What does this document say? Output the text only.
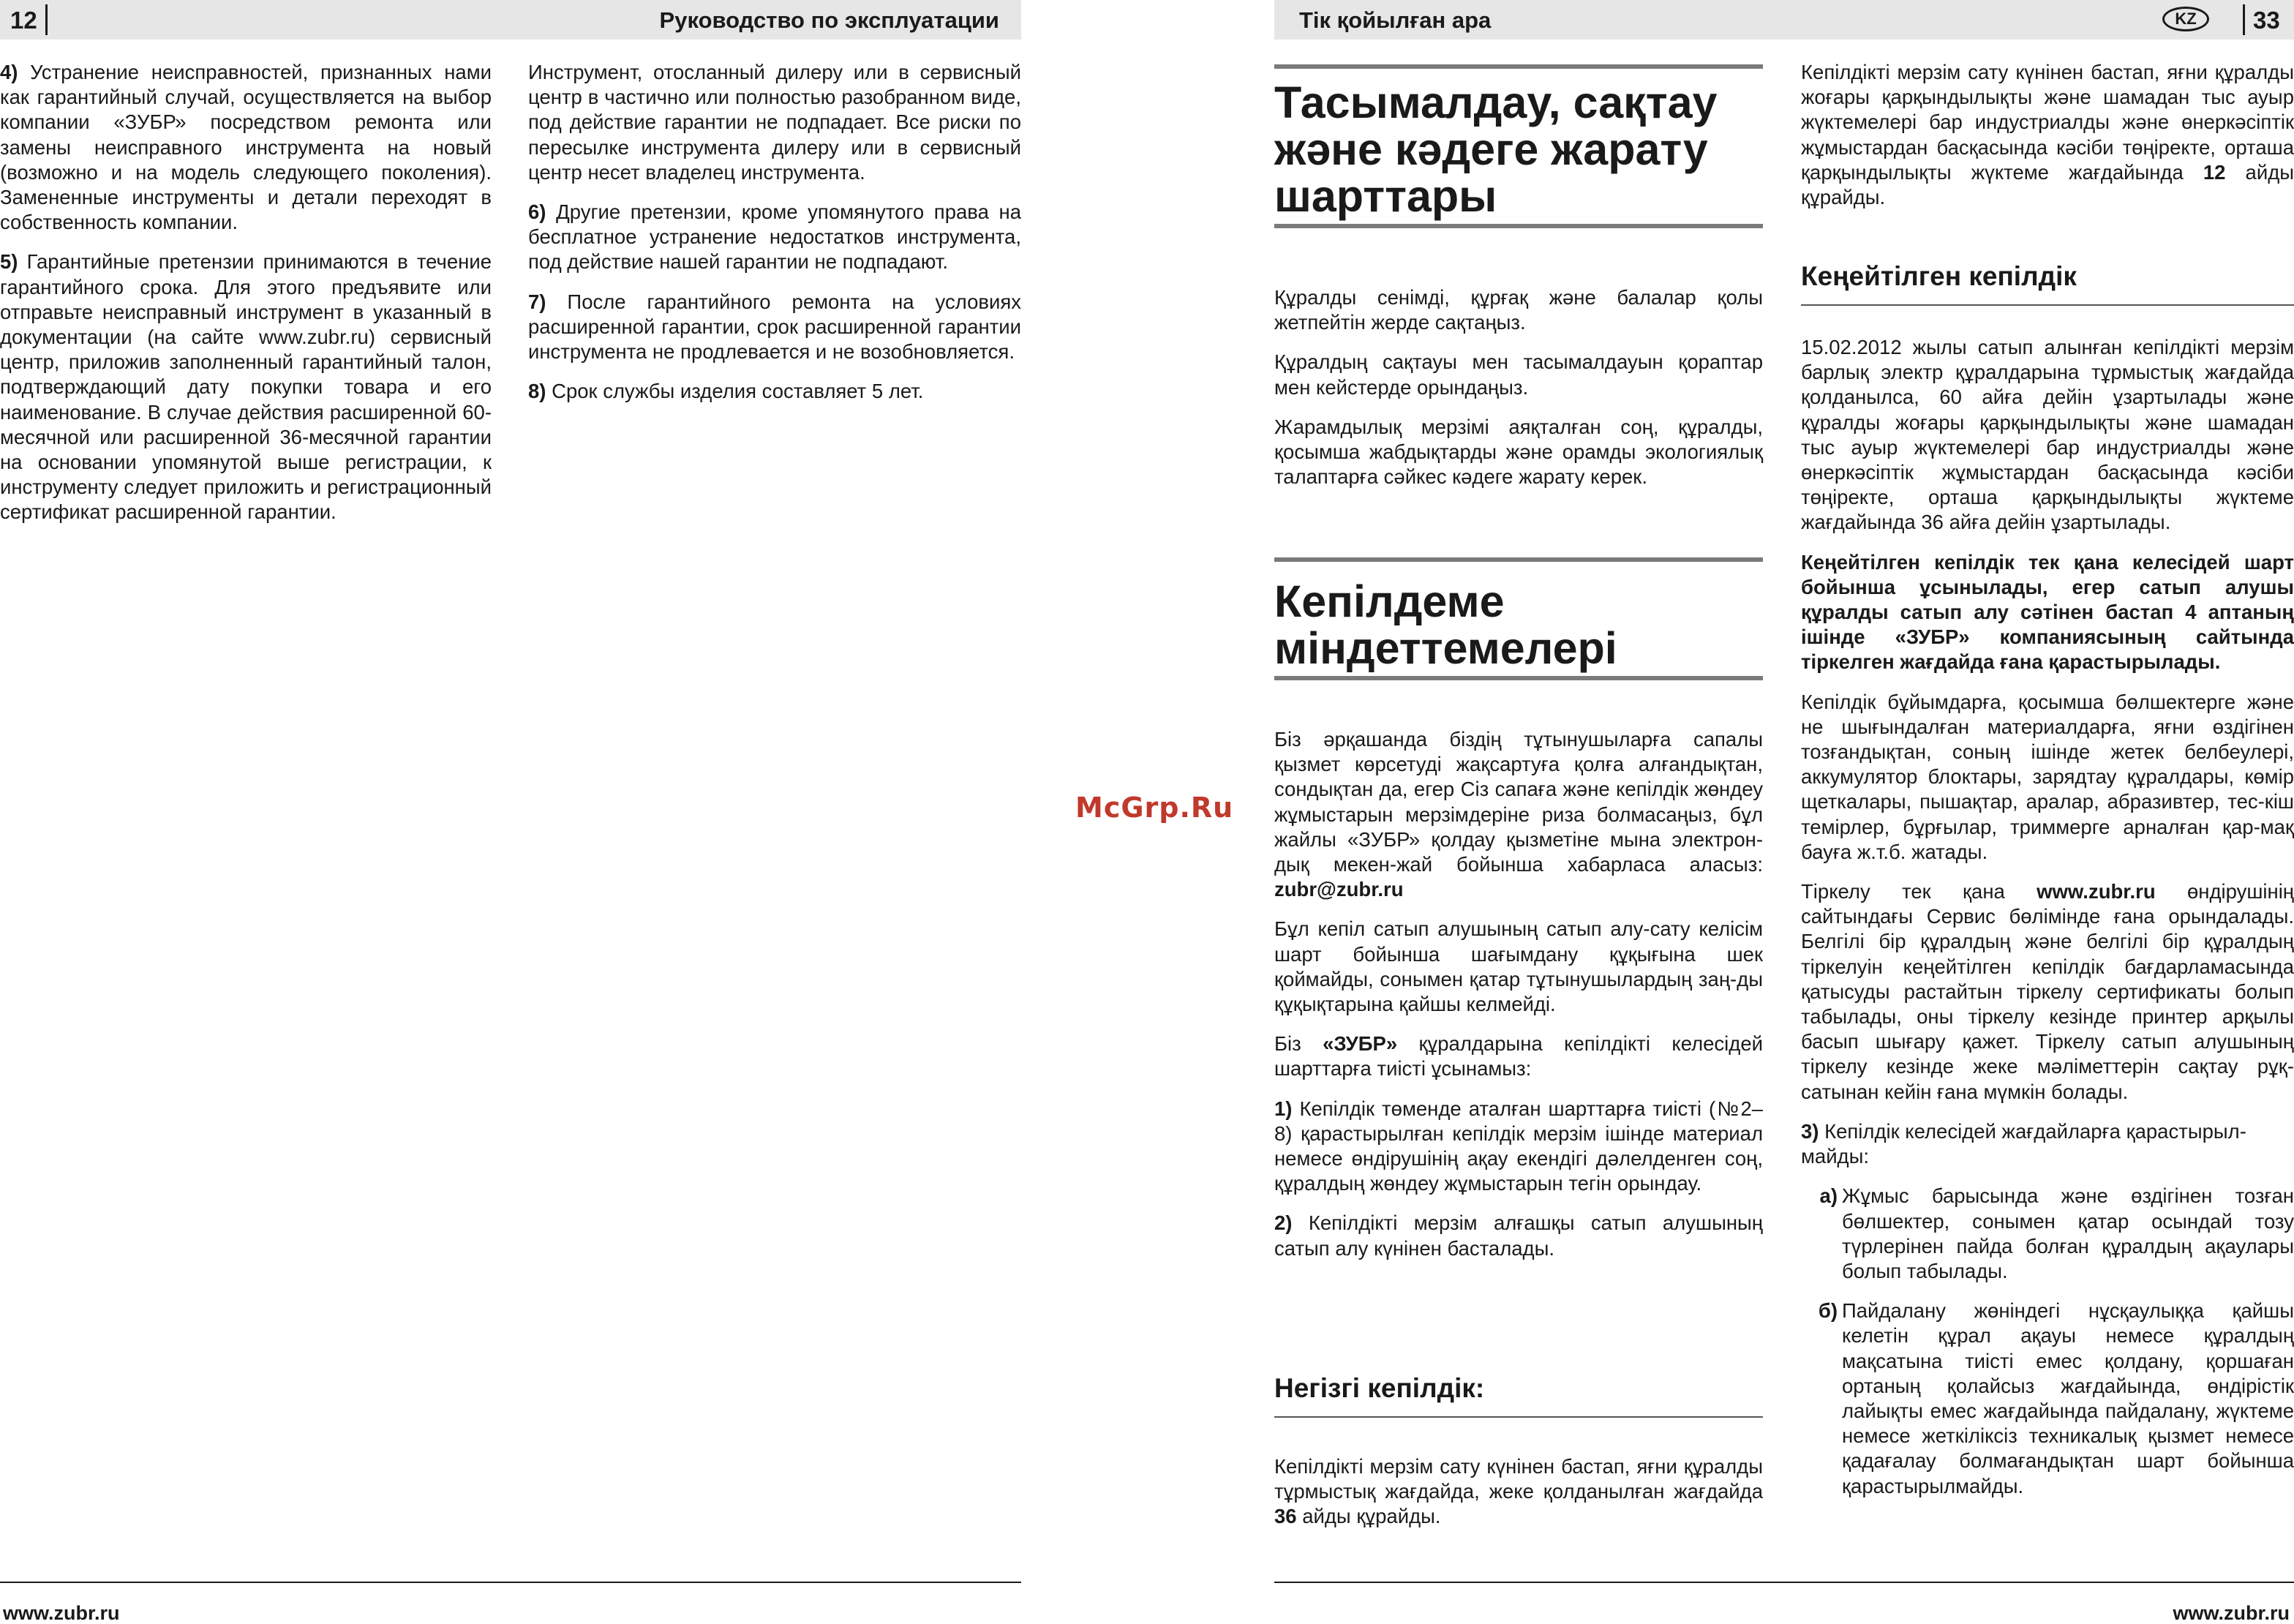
12	Руководство по эксплуатации

4) Устранение неисправностей, признанных нами как гарантийный случай, осуществляется на выбор компании «ЗУБР» посредством ремонта или замены неисправного инструмента на новый (возможно и на модель следующего поколения). Замененные инструменты и детали переходят в собственность компании.

5) Гарантийные претензии принимаются в течение гарантийного срока. Для этого предъявите или отправьте неисправный инструмент в указанный в документации (на сайте www.zubr.ru) сервисный центр, приложив заполненный гарантийный талон, подтверждающий дату покупки товара и его наименование. В случае действия расширенной 60-месячной или расширенной 36-месячной гарантии на основании упомянутой выше регистрации, к инструменту следует приложить и регистрационный сертификат расширенной гарантии.

Инструмент, отосланный дилеру или в сервисный центр в частично или полностью разобранном виде, под действие гарантии не подпадает. Все риски по пересылке инструмента дилеру или в сервисный центр несет владелец инструмента.

6) Другие претензии, кроме упомянутого права на бесплатное устранение недостатков инструмента, под действие нашей гарантии не подпадают.

7) После гарантийного ремонта на условиях расширенной гарантии, срок расширенной гарантии инструмента не продлевается и не возобновляется.

8) Срок службы изделия составляет 5 лет.

www.zubr.ru
McGrp.Ru
Тік қойылған ара	KZ	33
Тасымалдау, сақтау
және кәдеге жарату
шарттары

Құралды сенімді, құрғақ және балалар қолы жетпейтін жерде сақтаңыз.

Құралдың сақтауы мен тасымалдауын қораптар мен кейстерде орындаңыз.

Жарамдылық мерзімі аяқталған соң, құралды, қосымша жабдықтарды және орамды экологиялық талаптарға сәйкес кәдеге жарату керек.

Кепілдеме
міндеттемелері

Біз әрқашанда біздің тұтынушыларға сапалы қызмет көрсетуді жақсартуға қолға алғандықтан, сондықтан да, егер Сіз сапаға және кепілдік жөндеу жұмыстарын мерзімдеріне риза болмасаңыз, бұл жайлы «ЗУБР» қолдау қызметіне мына электрон-дық мекен-жай бойынша хабарласа аласыз: zubr@zubr.ru

Бұл кепіл сатып алушының сатып алу-сату келісім шарт бойынша шағымдану құқығына шек қоймайды, сонымен қатар тұтынушылардың заң-ды құқықтарына қайшы келмейді.

Біз «ЗУБР» құралдарына кепілдікті келесідей шарттарға тиісті ұсынамыз:

1) Кепілдік төменде аталған шарттарға тиісті (№2–8) қарастырылған кепілдік мерзім ішінде материал немесе өндірушінің ақау екендігі дәлелденген соң, құралдың жөндеу жұмыстарын тегін орындау.

2) Кепілдікті мерзім алғашқы сатып алушының сатып алу күнінен басталады.

Негізгі кепілдік:

Кепілдікті мерзім сату күнінен бастап, яғни құралды тұрмыстық жағдайда, жеке қолданылған жағдайда 36 айды құрайды.

Кепілдікті мерзім сату күнінен бастап, яғни құралды жоғары қарқындылықты және шамадан тыс ауыр жүктемелері бар индустриалды және өнеркәсіптік жұмыстардан басқасында кәсіби төңіректе, орташа қарқындылықты жүктеме жағдайында 12 айды құрайды.

Кеңейтілген кепілдік

15.02.2012 жылы сатып алынған кепілдікті мерзім барлық электр құралдарына тұрмыстық жағдайда қолданылса, 60 айға дейін ұзартылады және құралды жоғары қарқындылықты және шамадан тыс ауыр жүктемелері бар индустриалды және өнеркәсіптік жұмыстардан басқасында кәсіби төңіректе, орташа қарқындылықты жүктеме жағдайында 36 айға дейін ұзартылады.

Кеңейтілген кепілдік тек қана келесідей шарт бойынша ұсынылады, егер сатып алушы құралды сатып алу сәтінен бастап 4 аптаның ішінде «ЗУБР» компаниясының сайтында тіркелген жағдайда ғана қарастырылады.

Кепілдік бұйымдарға, қосымша бөлшектерге және не шығындалған материалдарға, яғни өздігінен тозғандықтан, соның ішінде жетек белбеулері, аккумулятор блоктары, зарядтау құралдары, көмір щеткалары, пышақтар, аралар, абразивтер, тес-кіш темірлер, бұрғылар, триммерге арналған қар-мақ бауға ж.т.б. жатады.

Тіркелу тек қана www.zubr.ru өндірушінің сайтындағы Сервис бөлімінде ғана орындалады. Белгілі бір құралдың және белгілі бір құралдың тіркелуін кеңейтілген кепілдік бағдарламасында қатысуды растайтын тіркелу сертификаты болып табылады, оны тіркелу кезінде принтер арқылы басып шығару қажет. Тіркелу сатып алушының тіркелу кезінде жеке мәліметтерін сақтау рұқ-сатынан кейін ғана мүмкін болады.

3) Кепілдік келесідей жағдайларға қарастырыл-майды:

а) Жұмыс барысында және өздігінен тозған бөлшектер, сонымен қатар осындай тозу түрлерінен пайда болған құралдың ақаулары болып табылады.
б) Пайдалану жөніндегі нұсқаулыққа қайшы келетін құрал ақауы немесе құралдың мақсатына тиісті емес қолдану, қоршаған ортаның қолайсыз жағдайында, өндірістік лайықты емес жағдайында пайдалану, жүктеме немесе жеткіліксіз техникалық қызмет немесе қадағалау болмағандықтан шарт бойынша қарастырылмайды.
www.zubr.ru
